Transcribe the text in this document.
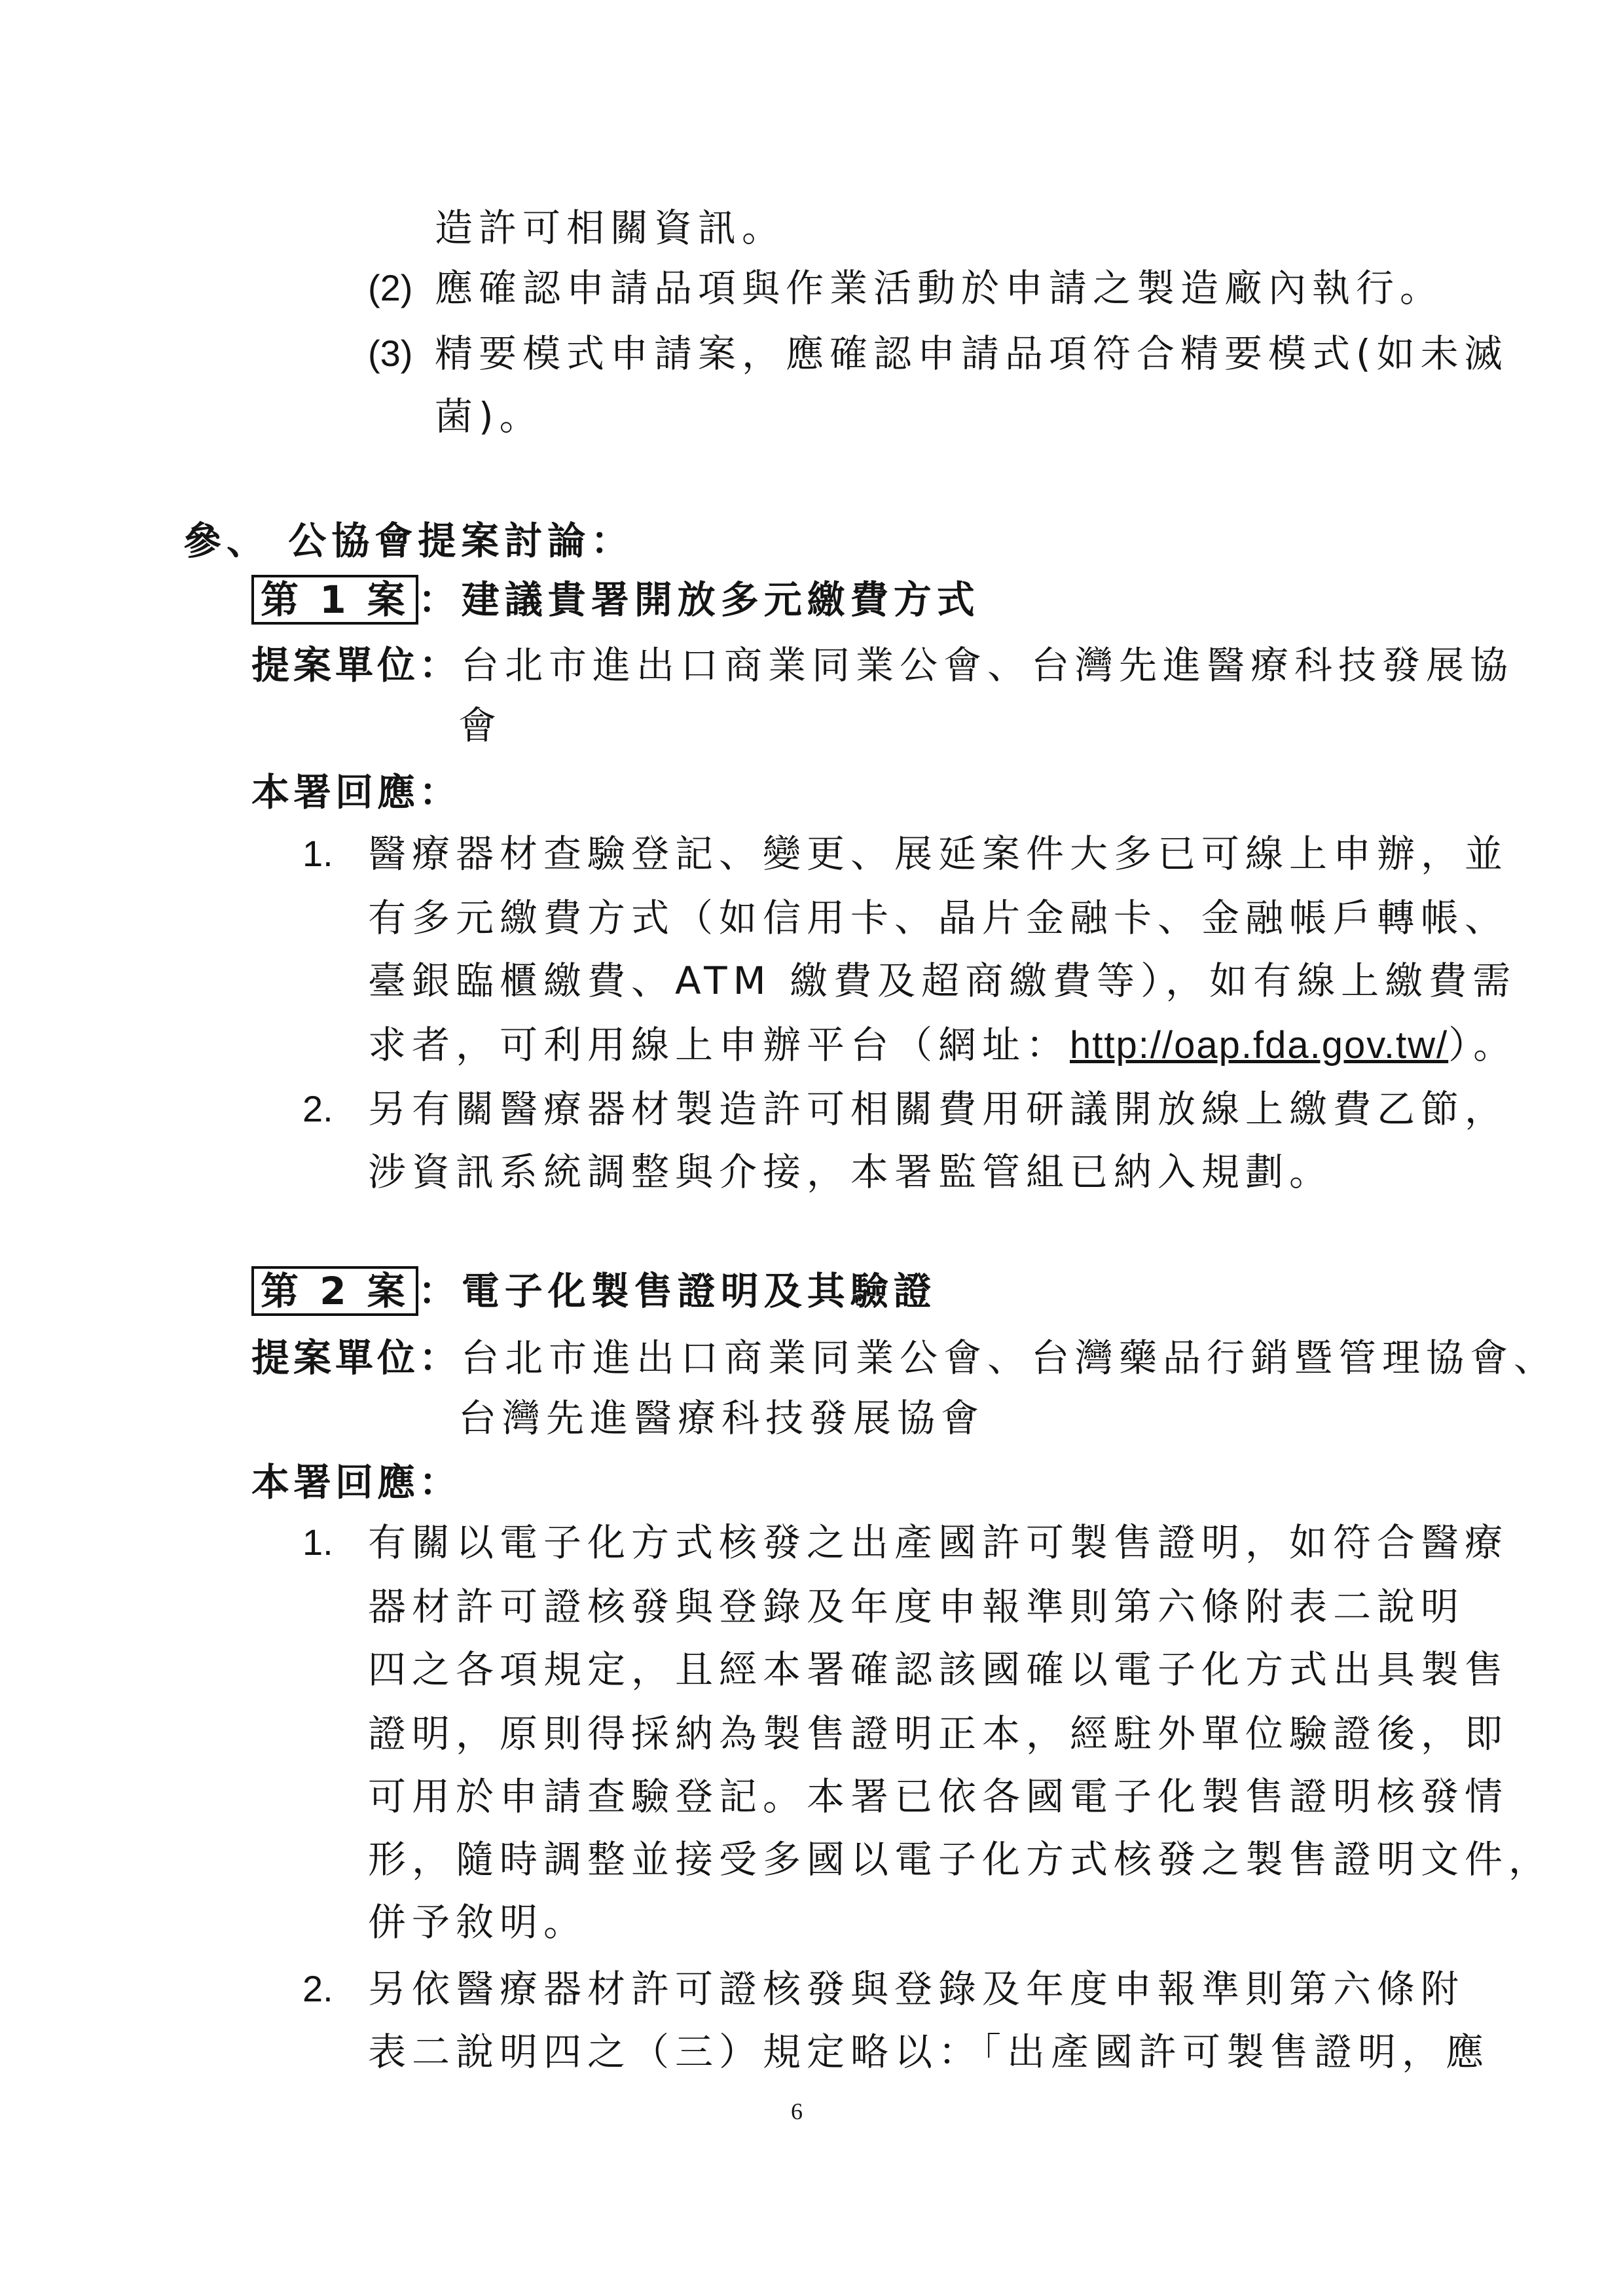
造許可相關資訊。
(2) 應確認申請品項與作業活動於申請之製造廠內執行。
(3) 精要模式申請案，應確認申請品項符合精要模式(如未滅
菌)。
參、 公協會提案討論：
第 1 案 ：建議貴署開放多元繳費方式
提案單位：台北市進出口商業同業公會、台灣先進醫療科技發展協
會
本署回應：
1. 醫療器材查驗登記、變更、展延案件大多已可線上申辦，並
有多元繳費方式（如信用卡、晶片金融卡、金融帳戶轉帳、
臺銀臨櫃繳費、ATM 繳費及超商繳費等），如有線上繳費需
求者，可利用線上申辦平台（網址：http://oap.fda.gov.tw/）。
2. 另有關醫療器材製造許可相關費用研議開放線上繳費乙節，
涉資訊系統調整與介接，本署監管組已納入規劃。
第 2 案 ：電子化製售證明及其驗證
提案單位：台北市進出口商業同業公會、台灣藥品行銷暨管理協會、
台灣先進醫療科技發展協會
本署回應：
1. 有關以電子化方式核發之出產國許可製售證明，如符合醫療
器材許可證核發與登錄及年度申報準則第六條附表二說明
四之各項規定，且經本署確認該國確以電子化方式出具製售
證明，原則得採納為製售證明正本，經駐外單位驗證後，即
可用於申請查驗登記。本署已依各國電子化製售證明核發情
形，隨時調整並接受多國以電子化方式核發之製售證明文件，
併予敘明。
2. 另依醫療器材許可證核發與登錄及年度申報準則第六條附
表二說明四之（三）規定略以：「出產國許可製售證明，應
6
